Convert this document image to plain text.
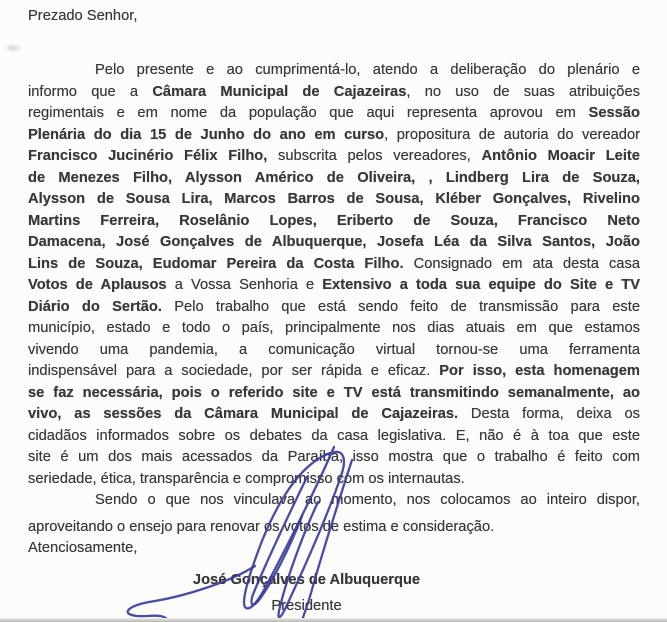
Prezado Senhor,
Pelo presente e ao cumprimentá-lo, atendo a deliberação do plenário e
informo que a Câmara Municipal de Cajazeiras, no uso de suas atribuições
regimentais e em nome da população que aqui representa aprovou em Sessão
Plenária do dia 15 de Junho do ano em curso, propositura de autoria do vereador
Francisco Jucinério Félix Filho, subscrita pelos vereadores, Antônio Moacir Leite
de Menezes Filho, Alysson Américo de Oliveira, , Lindberg Lira de Souza,
Alysson de Sousa Lira, Marcos Barros de Sousa, Kléber Gonçalves, Rivelino
Martins Ferreira, Roselânio Lopes, Eriberto de Souza, Francisco Neto
Damacena, José Gonçalves de Albuquerque, Josefa Léa da Silva Santos, João
Lins de Souza, Eudomar Pereira da Costa Filho. Consignado em ata desta casa
Votos de Aplausos a Vossa Senhoria e Extensivo a toda sua equipe do Site e TV
Diário do Sertão. Pelo trabalho que está sendo feito de transmissão para este
município, estado e todo o país, principalmente nos dias atuais em que estamos
vivendo uma pandemia, a comunicação virtual tornou-se uma ferramenta
indispensável para a sociedade, por ser rápida e eficaz. Por isso, esta homenagem
se faz necessária, pois o referido site e TV está transmitindo semanalmente, ao
vivo, as sessões da Câmara Municipal de Cajazeiras. Desta forma, deixa os
cidadãos informados sobre os debates da casa legislativa. E, não é à toa que este
site é um dos mais acessados da Paraíba, isso mostra que o trabalho é feito com
seriedade, ética, transparência e compromisso com os internautas.
Sendo o que nos vinculava ao momento, nos colocamos ao inteiro dispor,
aproveitando o ensejo para renovar os votos de estima e consideração.
Atenciosamente,
José Gonçalves de Albuquerque
Presidente
